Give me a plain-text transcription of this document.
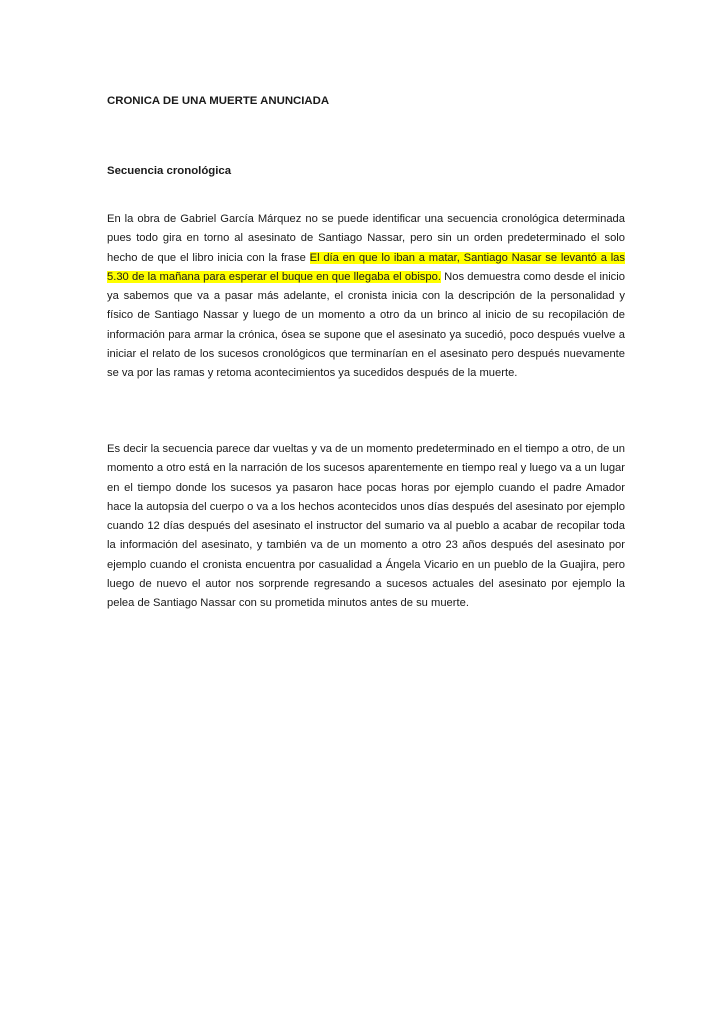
CRONICA DE UNA MUERTE ANUNCIADA
Secuencia cronológica

En la obra de Gabriel García Márquez no se puede identificar una secuencia cronológica determinada pues todo gira en torno al asesinato de Santiago Nassar, pero sin un orden predeterminado el solo hecho de que el libro inicia con la frase El día en que lo iban a matar, Santiago Nasar se levantó a las 5.30 de la mañana para esperar el buque en que llegaba el obispo. Nos demuestra como desde el inicio ya sabemos que va a pasar más adelante, el cronista inicia con la descripción de la personalidad y físico de Santiago Nassar y luego de un momento a otro da un brinco al inicio de su recopilación de información para armar la crónica, ósea se supone que el asesinato ya sucedió, poco después vuelve a iniciar el relato de los sucesos cronológicos que terminarían en el asesinato pero después nuevamente se va por las ramas y retoma acontecimientos ya sucedidos después de la muerte.

Es decir la secuencia parece dar vueltas y va de un momento predeterminado en el tiempo a otro, de un momento a otro está en la narración de los sucesos aparentemente en tiempo real y luego va a un lugar en el tiempo donde los sucesos ya pasaron hace pocas horas por ejemplo cuando el padre Amador hace la autopsia del cuerpo o va a los hechos acontecidos unos días después del asesinato por ejemplo cuando 12 días después del asesinato el instructor del sumario va al pueblo a acabar de recopilar toda la información del asesinato, y también va de un momento a otro 23 años después del asesinato por ejemplo cuando el cronista encuentra por casualidad a Ángela Vicario en un pueblo de la Guajira, pero luego de nuevo el autor nos sorprende regresando a sucesos actuales del asesinato por ejemplo la pelea de Santiago Nassar con su prometida minutos antes de su muerte.
